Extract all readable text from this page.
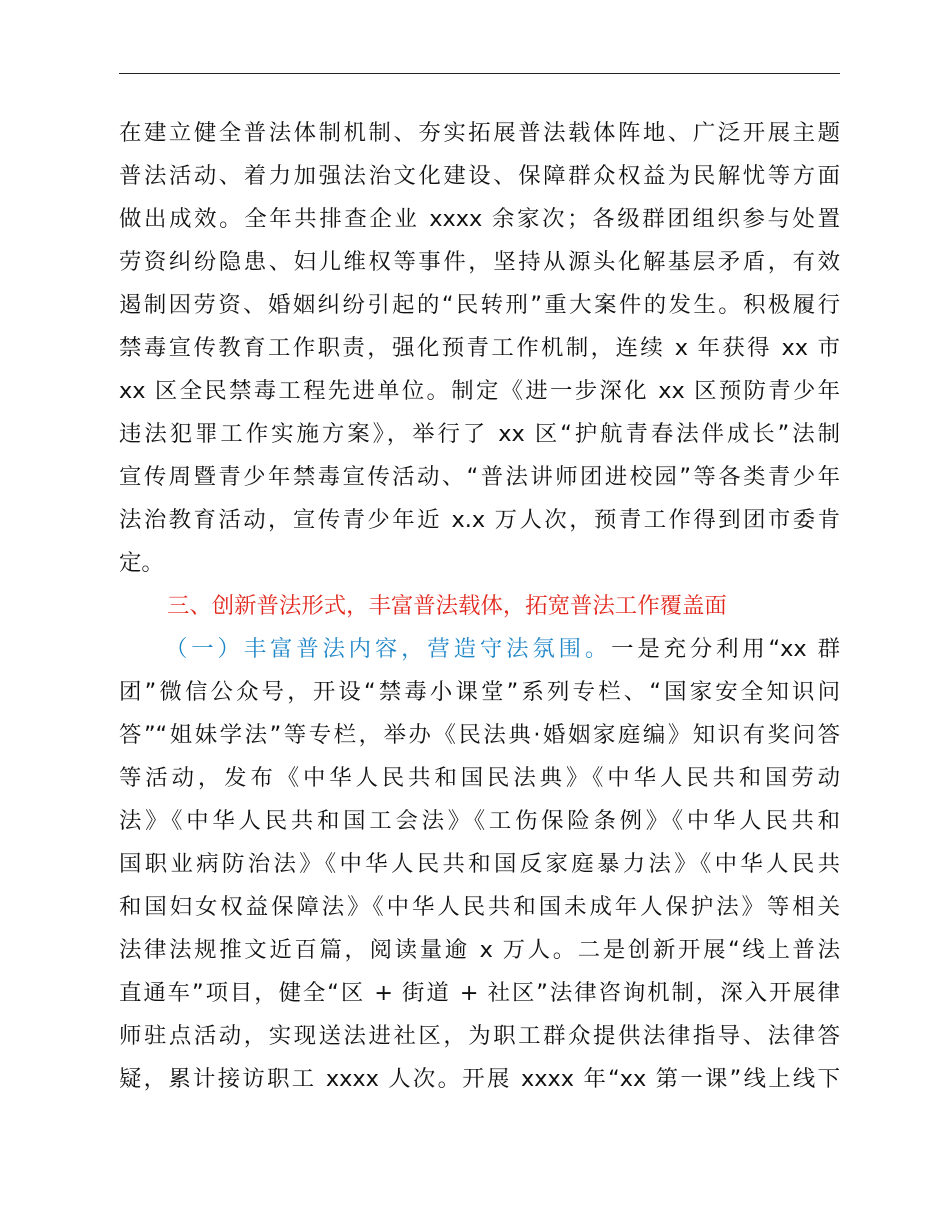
在建立健全普法体制机制、夯实拓展普法载体阵地、广泛开展主题
普法活动、着力加强法治文化建设、保障群众权益为民解忧等方面
做出成效。全年共排查企业 xxxx 余家次；各级群团组织参与处置
劳资纠纷隐患、妇儿维权等事件，坚持从源头化解基层矛盾，有效
遏制因劳资、婚姻纠纷引起的“民转刑”重大案件的发生。积极履行
禁毒宣传教育工作职责，强化预青工作机制，连续 x 年获得 xx 市
xx 区全民禁毒工程先进单位。制定《进一步深化 xx 区预防青少年
违法犯罪工作实施方案》，举行了 xx 区“护航青春法伴成长”法制
宣传周暨青少年禁毒宣传活动、“普法讲师团进校园”等各类青少年
法治教育活动，宣传青少年近 x.x 万人次，预青工作得到团市委肯
定。
三、创新普法形式，丰富普法载体，拓宽普法工作覆盖面
（一）丰富普法内容，营造守法氛围。一是充分利用“xx 群
团”微信公众号，开设“禁毒小课堂”系列专栏、“国家安全知识问
答”“姐妹学法”等专栏，举办《民法典·婚姻家庭编》知识有奖问答
等活动，发布《中华人民共和国民法典》《中华人民共和国劳动
法》《中华人民共和国工会法》《工伤保险条例》《中华人民共和
国职业病防治法》《中华人民共和国反家庭暴力法》《中华人民共
和国妇女权益保障法》《中华人民共和国未成年人保护法》等相关
法律法规推文近百篇，阅读量逾 x 万人。二是创新开展“线上普法
直通车”项目，健全“区 + 街道 + 社区”法律咨询机制，深入开展律
师驻点活动，实现送法进社区，为职工群众提供法律指导、法律答
疑，累计接访职工 xxxx 人次。开展 xxxx 年“xx 第一课”线上线下
